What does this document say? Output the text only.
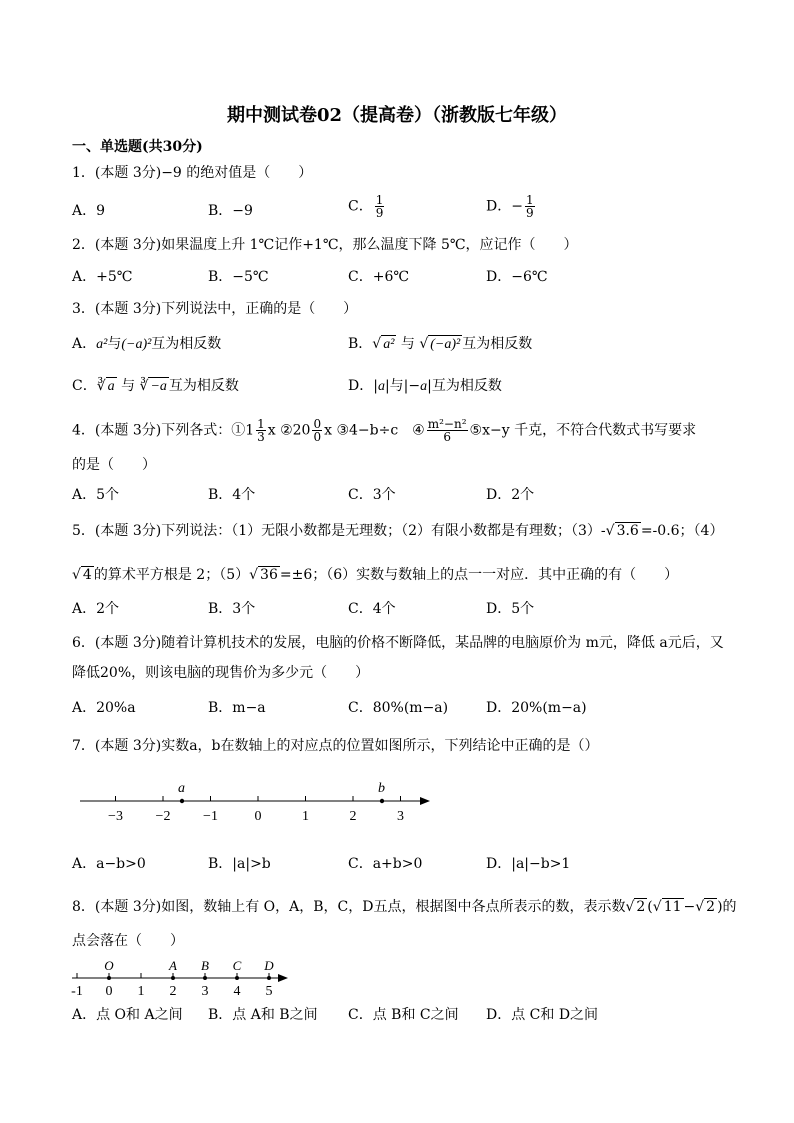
期中测试卷02（提高卷）（浙教版七年级）
一、单选题(共30分)
1．(本题 3分)−9 的绝对值是（　　）
A．9	B．−9	C． $\frac{1}{9}$	D．− $\frac{1}{9}$
2．(本题 3分)如果温度上升 1℃记作+1℃，那么温度下降 5℃，应记作（　　）
A．+5℃	B．−5℃	C．+6℃	D．−6℃
3．(本题 3分)下列说法中，正确的是（　　）
A．a²与(−a)²互为相反数	B．√ a² 与 √ (−a)² 互为相反数
C．∛ a 与 ∛ −a 互为相反数	D．|a|与|−a|互为相反数
4．(本题 3分)下列各式：①1 $\frac{1}{3}$ x ②20 $\frac{0}{0}$ x ③4−b÷c　④ $\frac{\text{m²−n²}}{6}$ ⑤x−y 千克，不符合代数式书写要求
的是（　　）
A．5个	B．4个	C．3个	D．2个
5．(本题 3分)下列说法：（1）无限小数都是无理数；（2）有限小数都是有理数；（3）-√ 3.6 =-0.6；（4）
√ 4 的算术平方根是 2；（5）√ 36 =±6；（6）实数与数轴上的点一一对应．其中正确的有（　　）
A．2个	B．3个	C．4个	D．5个
6．(本题 3分)随着计算机技术的发展，电脑的价格不断降低，某品牌的电脑原价为 m元，降低 a元后，又
降低20%，则该电脑的现售价为多少元（　　）
A．20%a	B．m−a	C．80%(m−a)	D．20%(m−a)
7．(本题 3分)实数a，b在数轴上的对应点的位置如图所示，下列结论中正确的是（）
−3 −2 −1	0	1	2	3
a	b
A．a−b>0	B．|a|>b	C．a+b>0	D．|a|−b>1
8．(本题 3分)如图，数轴上有 O，A，B，C，D五点，根据图中各点所表示的数，表示数√ 2 (√ 11 −√ 2 )的
点会落在（　　）
-1 0 1 2 3 4 5
O	A B C D
A．点 O和 A之间 B．点 A和 B之间 C．点 B和 C之间 D．点 C和 D之间
